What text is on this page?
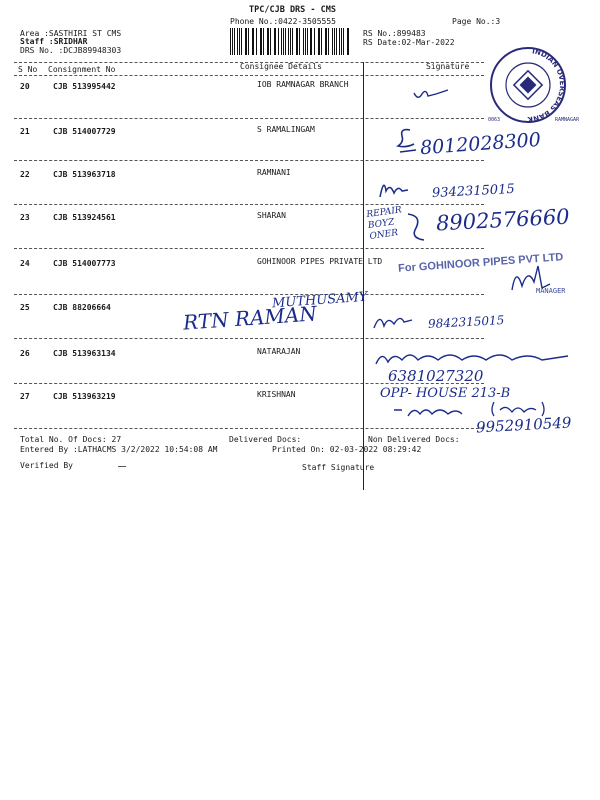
TPC/CJB DRS - CMS
Phone No.:0422-3505555	Page No.:3
Area :SASTHIRI ST CMS
Staff :SRIDHAR
DRS No. :DCJB89948303
RS No.:899483
RS Date:02-Mar-2022
S No Consignment No	Consignee Details	Signature
20	CJB 513995442	IOB RAMNAGAR BRANCH
21	CJB 514007729	S RAMALINGAM
22	CJB 513963718	RAMNANI
23	CJB 513924561	SHARAN
24	CJB 514007773	GOHINOOR PIPES PRIVATE LTD
25	CJB 88206664
26	CJB 513963134	NATARAJAN
27	CJB 513963219	KRISHNAN
8012028300
9342315015
REPAIR BOYZ ONER	8902576660
MUTHUSAMY
RTN RAMAN	9842315015
6381027320
OPP- HOUSE 213-B
9952910549
INDIAN OVERSEAS BANK	RAMNAGAR
0063
For GOHINOOR PIPES PVT LTD
MANAGER
Total No. Of Docs: 27	Delivered Docs:	Non Delivered Docs:
Entered By :LATHACMS 3/2/2022 10:54:08 AM	Printed On: 02-03-2022 08:29:42
Verified By	Staff Signature
